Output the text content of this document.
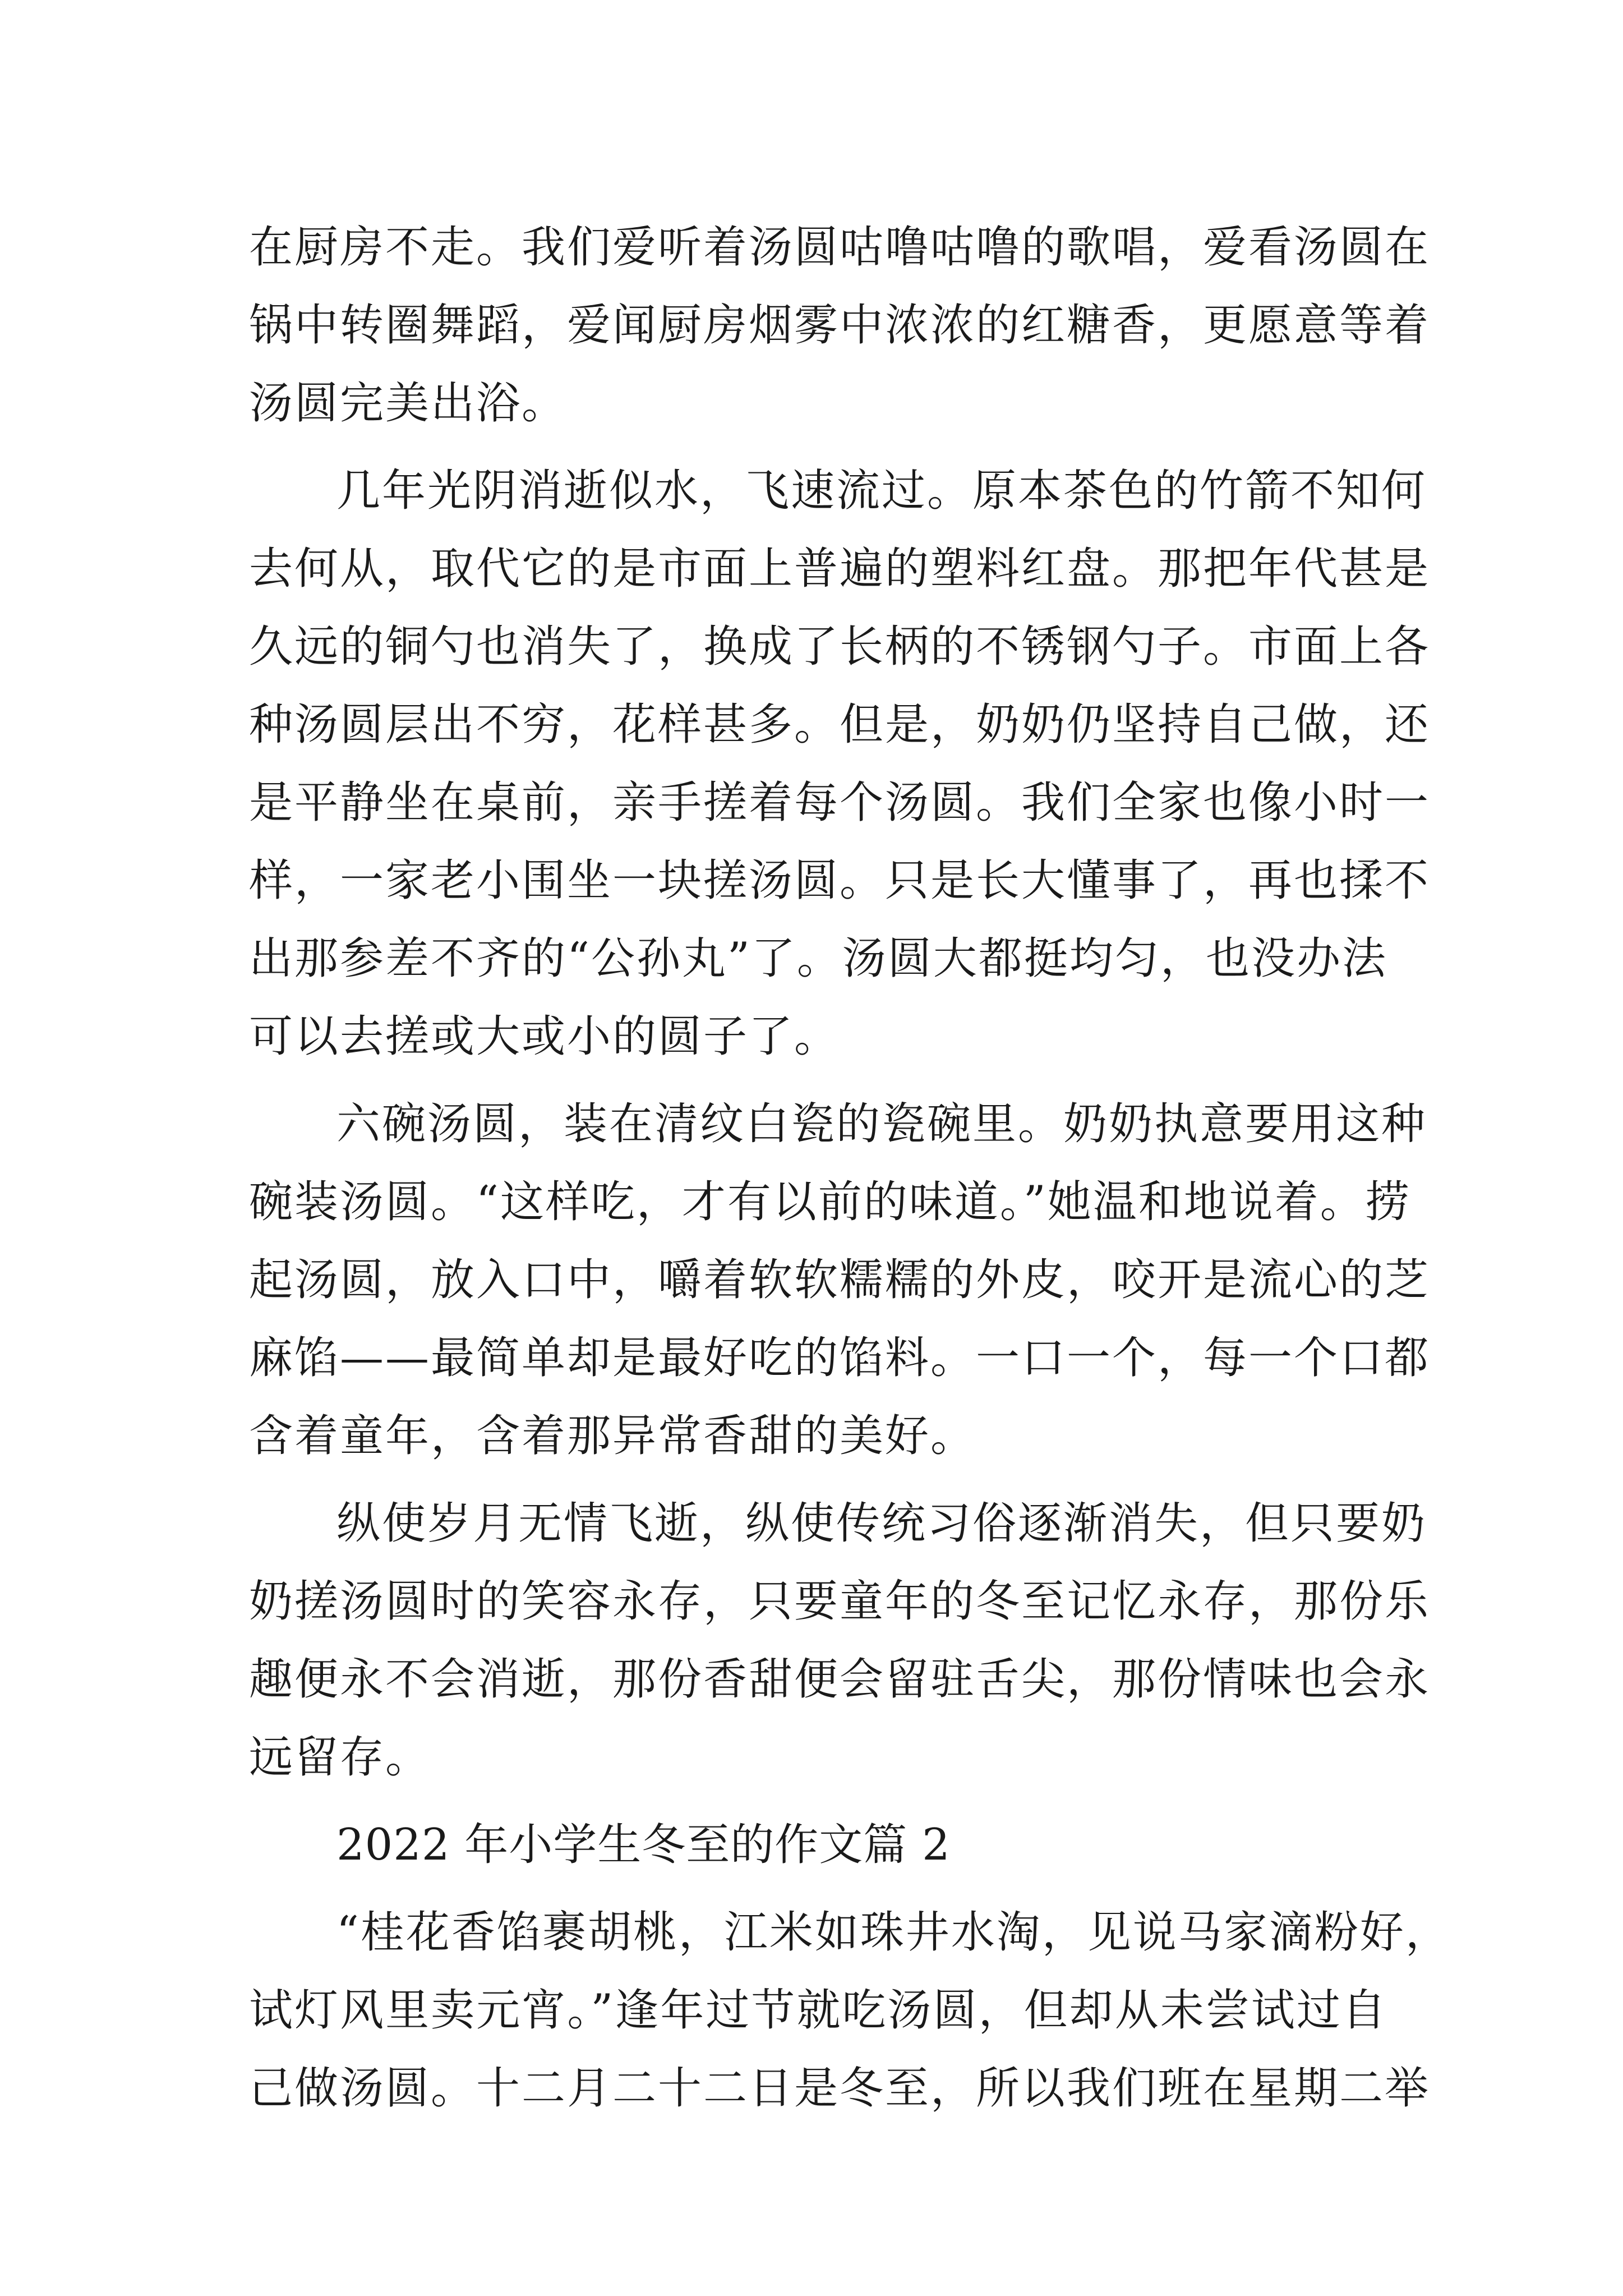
在厨房不走。我们爱听着汤圆咕噜咕噜的歌唱，爱看汤圆在
锅中转圈舞蹈，爱闻厨房烟雾中浓浓的红糖香，更愿意等着
汤圆完美出浴。
几年光阴消逝似水，飞速流过。原本茶色的竹箭不知何
去何从，取代它的是市面上普遍的塑料红盘。那把年代甚是
久远的铜勺也消失了，换成了长柄的不锈钢勺子。市面上各
种汤圆层出不穷，花样甚多。但是，奶奶仍坚持自己做，还
是平静坐在桌前，亲手搓着每个汤圆。我们全家也像小时一
样，一家老小围坐一块搓汤圆。只是长大懂事了，再也揉不
出那参差不齐的“公孙丸”了。汤圆大都挺均匀，也没办法
可以去搓或大或小的圆子了。
六碗汤圆，装在清纹白瓷的瓷碗里。奶奶执意要用这种
碗装汤圆。“这样吃，才有以前的味道。”她温和地说着。捞
起汤圆，放入口中，嚼着软软糯糯的外皮，咬开是流心的芝
麻馅——最简单却是最好吃的馅料。一口一个，每一个口都
含着童年，含着那异常香甜的美好。
纵使岁月无情飞逝，纵使传统习俗逐渐消失，但只要奶
奶搓汤圆时的笑容永存，只要童年的冬至记忆永存，那份乐
趣便永不会消逝，那份香甜便会留驻舌尖，那份情味也会永
远留存。
2022 年小学生冬至的作文篇 2
“桂花香馅裹胡桃，江米如珠井水淘，见说马家滴粉好，
试灯风里卖元宵。”逢年过节就吃汤圆，但却从未尝试过自
己做汤圆。十二月二十二日是冬至，所以我们班在星期二举
